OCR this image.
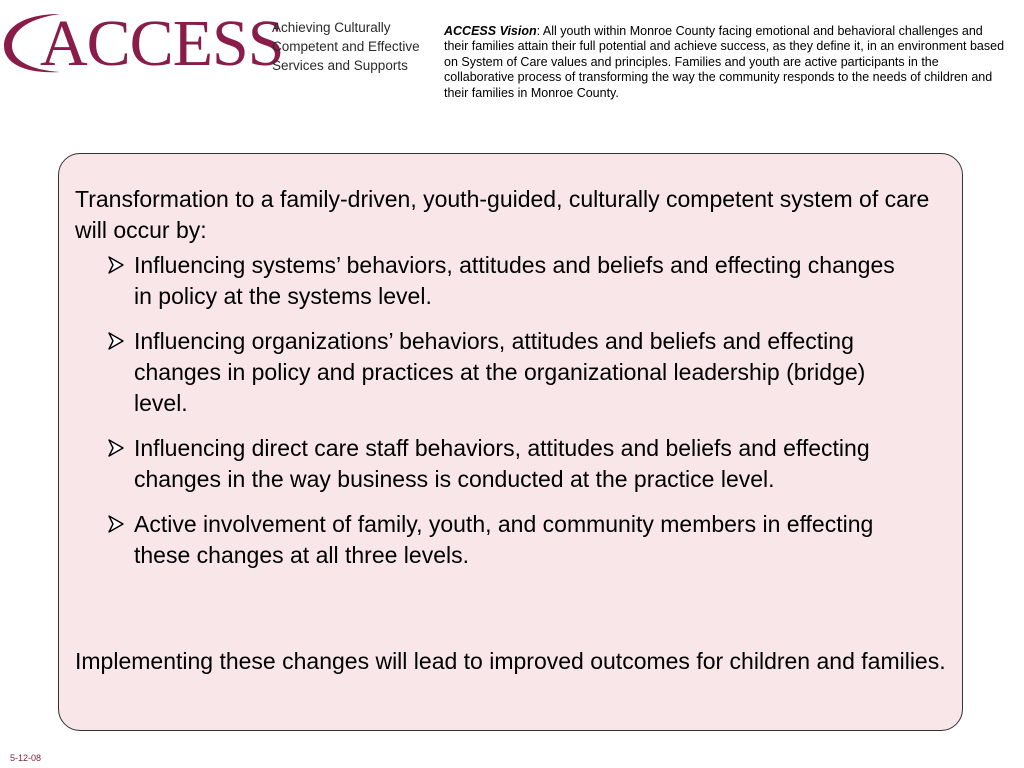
ACCESS
Achieving Culturally
Competent and Effective
Services and Supports
ACCESS Vision: All youth within Monroe County facing emotional and behavioral challenges and their families attain their full potential and achieve success, as they define it, in an environment based on System of Care values and principles. Families and youth are active participants in the collaborative process of transforming the way the community responds to the needs of children and their families in Monroe County.

Transformation to a family-driven, youth-guided, culturally competent system of care will occur by:

Influencing systems’ behaviors, attitudes and beliefs and effecting changes in policy at the systems level.
Influencing organizations’ behaviors, attitudes and beliefs and effecting changes in policy and practices at the organizational leadership (bridge) level.
Influencing direct care staff behaviors, attitudes and beliefs and effecting changes in the way business is conducted at the practice level.
Active involvement of family, youth, and community members in effecting these changes at all three levels.

Implementing these changes will lead to improved outcomes for children and families.

5-12-08
